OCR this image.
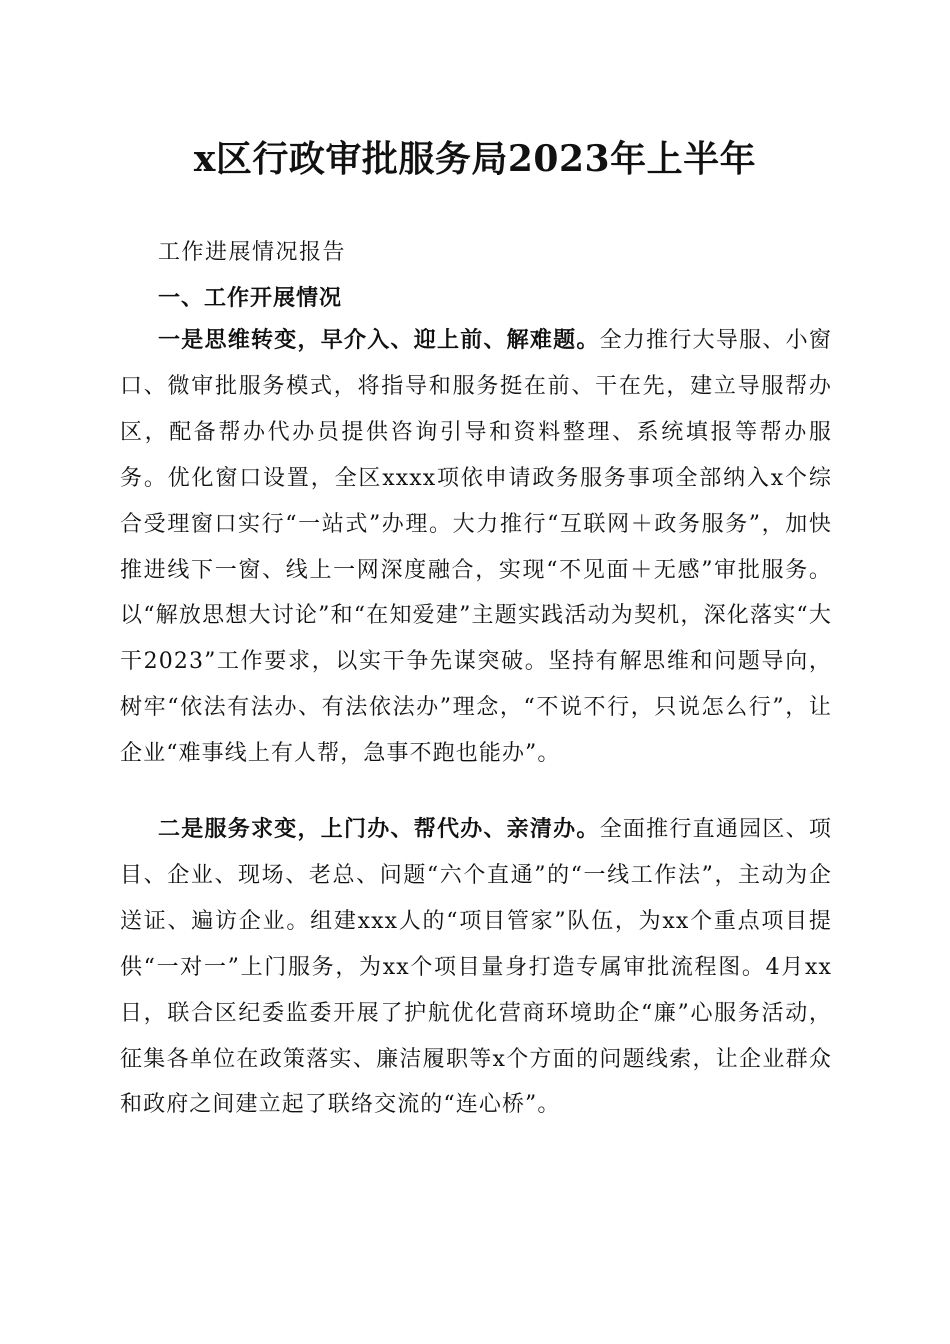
x区行政审批服务局2023年上半年
工作进展情况报告
一、工作开展情况

一是思维转变，早介入、迎上前、解难题。全力推行大导服、小窗口、微审批服务模式，将指导和服务挺在前、干在先，建立导服帮办区，配备帮办代办员提供咨询引导和资料整理、系统填报等帮办服务。优化窗口设置，全区xxxx项依申请政务服务事项全部纳入x个综合受理窗口实行“一站式”办理。大力推行“互联网＋政务服务”，加快推进线下一窗、线上一网深度融合，实现“不见面＋无感”审批服务。以“解放思想大讨论”和“在知爱建”主题实践活动为契机，深化落实“大干2023”工作要求，以实干争先谋突破。坚持有解思维和问题导向，树牢“依法有法办、有法依法办”理念，“不说不行，只说怎么行”，让企业“难事线上有人帮，急事不跑也能办”。

二是服务求变，上门办、帮代办、亲清办。全面推行直通园区、项目、企业、现场、老总、问题“六个直通”的“一线工作法”，主动为企送证、遍访企业。组建xxx人的“项目管家”队伍，为xx个重点项目提供“一对一”上门服务，为xx个项目量身打造专属审批流程图。4月xx日，联合区纪委监委开展了护航优化营商环境助企“廉”心服务活动，征集各单位在政策落实、廉洁履职等x个方面的问题线索，让企业群众和政府之间建立起了联络交流的“连心桥”。
